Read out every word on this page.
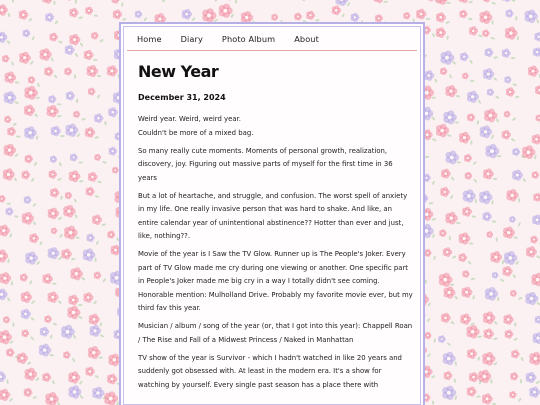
Home Diary Photo Album About
New Year
December 31, 2024

Weird year. Weird, weird year.
Couldn't be more of a mixed bag.

So many really cute moments. Moments of personal growth, realization, discovery, joy. Figuring out massive parts of myself for the first time in 36 years

But a lot of heartache, and struggle, and confusion. The worst spell of anxiety in my life. One really invasive person that was hard to shake. And like, an entire calendar year of unintentional abstinence?? Hotter than ever and just, like, nothing??.

Movie of the year is I Saw the TV Glow. Runner up is The People's Joker. Every part of TV Glow made me cry during one viewing or another. One specific part in People's Joker made me big cry in a way I totally didn't see coming. Honorable mention: Mulholland Drive. Probably my favorite movie ever, but my third fav this year.

Musician / album / song of the year (or, that I got into this year): Chappell Roan / The Rise and Fall of a Midwest Princess / Naked in Manhattan

TV show of the year is Survivor - which I hadn't watched in like 20 years and suddenly got obsessed with. At least in the modern era. It's a show for watching by yourself. Every single past season has a place there with
